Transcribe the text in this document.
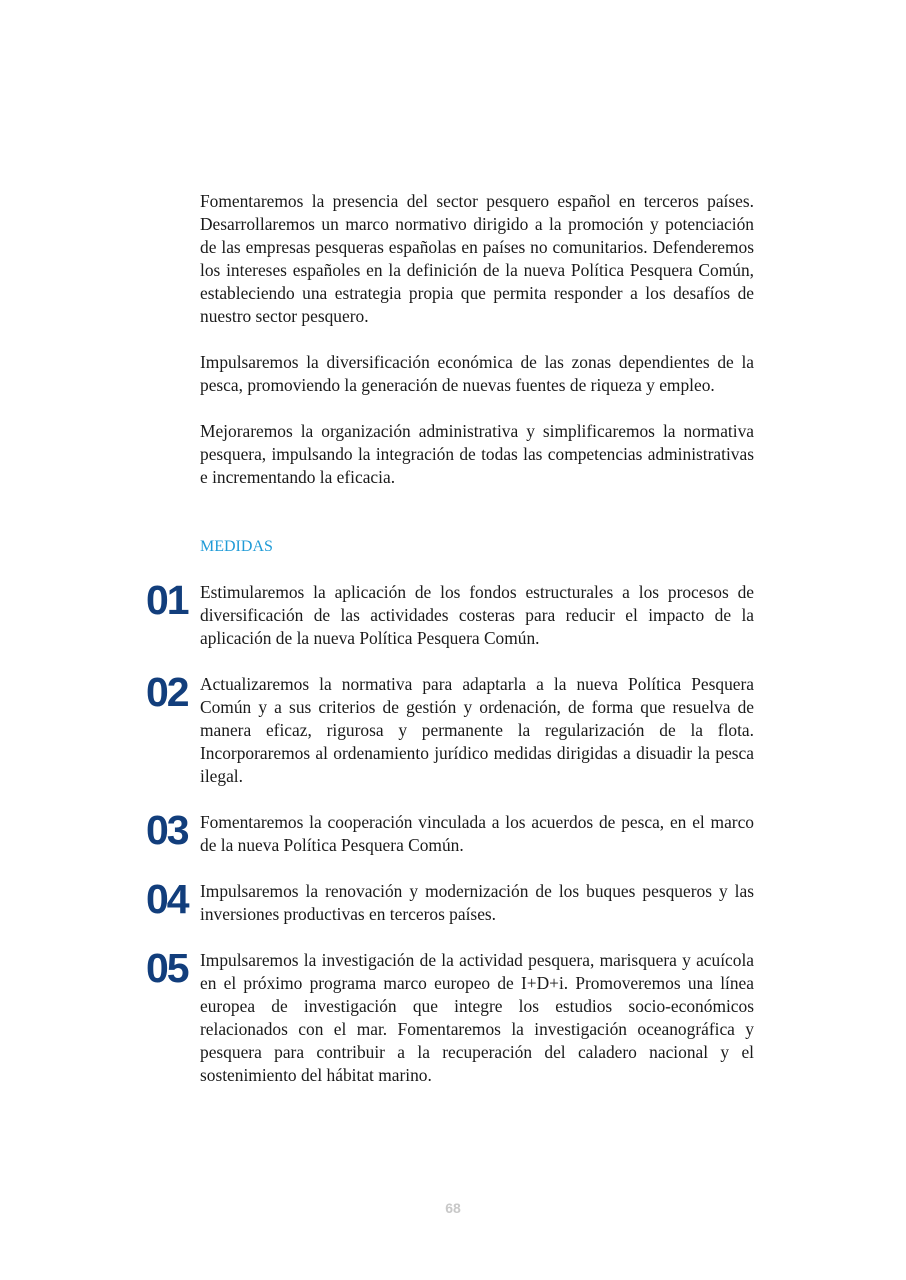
Fomentaremos la presencia del sector pesquero español en terceros países. Desarrollaremos un marco normativo dirigido a la promoción y potenciación de las empresas pesqueras españolas en países no comunitarios. Defenderemos los intereses españoles en la definición de la nueva Política Pesquera Común, estableciendo una estrategia propia que permita responder a los desafíos de nuestro sector pesquero.

Impulsaremos la diversificación económica de las zonas dependientes de la pesca, promoviendo la generación de nuevas fuentes de riqueza y empleo.

Mejoraremos la organización administrativa y simplificaremos la normativa pesquera, impulsando la integración de todas las competencias administrativas e incrementando la eficacia.

MEDIDAS
01 Estimularemos la aplicación de los fondos estructurales a los procesos de diversificación de las actividades costeras para reducir el impacto de la aplicación de la nueva Política Pesquera Común.

02 Actualizaremos la normativa para adaptarla a la nueva Política Pesquera Común y a sus criterios de gestión y ordenación, de forma que resuelva de manera eficaz, rigurosa y permanente la regularización de la flota. Incorporaremos al ordenamiento jurídico medidas dirigidas a disuadir la pesca ilegal.

03 Fomentaremos la cooperación vinculada a los acuerdos de pesca, en el marco de la nueva Política Pesquera Común.

04 Impulsaremos la renovación y modernización de los buques pesqueros y las inversiones productivas en terceros países.

05 Impulsaremos la investigación de la actividad pesquera, marisquera y acuícola en el próximo programa marco europeo de I+D+i. Promoveremos una línea europea de investigación que integre los estudios socio-económicos relacionados con el mar. Fomentaremos la investigación oceanográfica y pesquera para contribuir a la recuperación del caladero nacional y el sostenimiento del hábitat marino.

68
